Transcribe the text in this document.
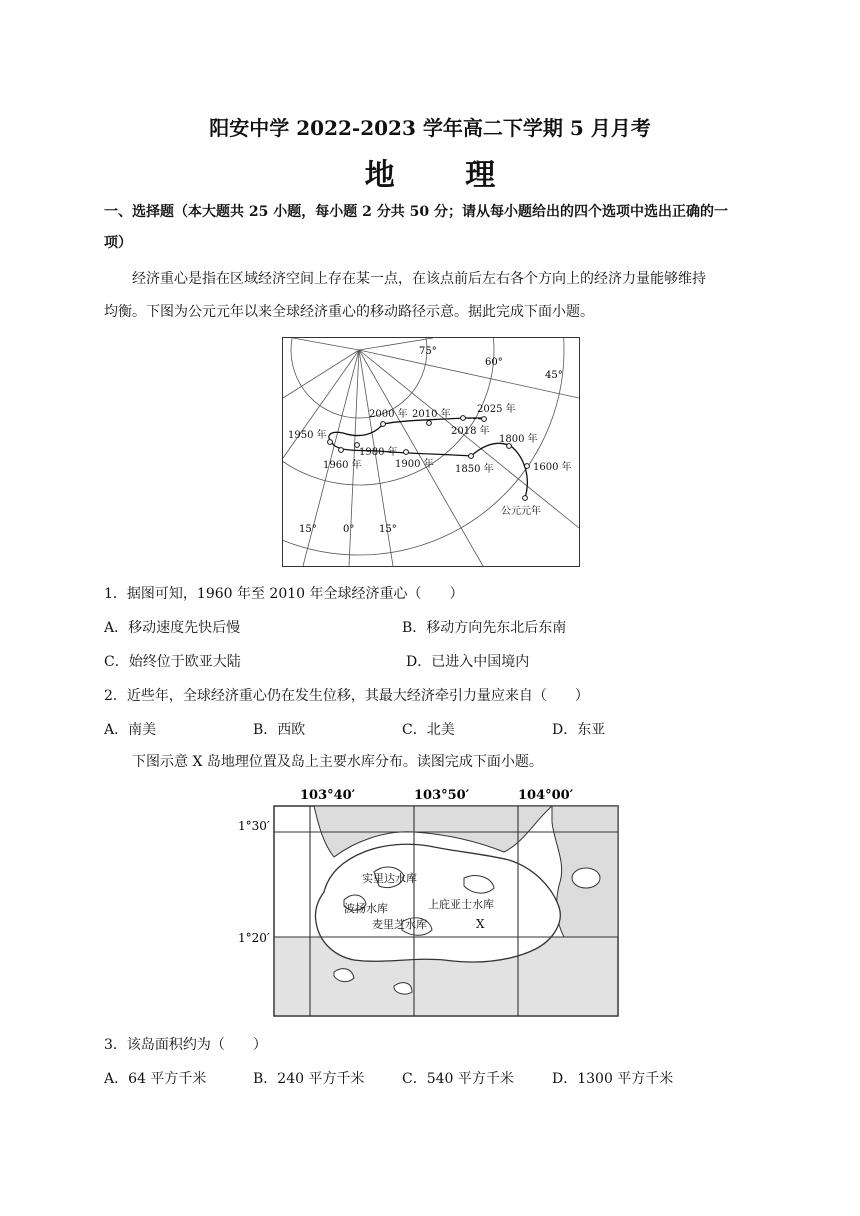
阳安中学 2022-2023 学年高二下学期 5 月月考
地 理
一、选择题（本大题共 25 小题，每小题 2 分共 50 分；请从每小题给出的四个选项中选出正确的一
项）
经济重心是指在区域经济空间上存在某一点，在该点前后左右各个方向上的经济力量能够维持
均衡。下图为公元元年以来全球经济重心的移动路径示意。据此完成下面小题。
75°
60°
45°
15°	0° 15°
2000 年 2010 年	2025 年
2018 年
1950 年
1980 年
1960 年	1900 年 1850 年
1800 年
1600 年
公元元年
1．据图可知，1960 年至 2010 年全球经济重心（　　）
A．移动速度先快后慢	B．移动方向先东北后东南
C．始终位于欧亚大陆	D．已进入中国境内
2．近些年，全球经济重心仍在发生位移，其最大经济牵引力量应来自（　　）
A．南美	B．西欧	C．北美	D．东亚
下图示意 X 岛地理位置及岛上主要水库分布。读图完成下面小题。
103°40′	103°50′	104°00′
1°30′
1°20′
实里达水库
波扬水库	上庇亚士水库
麦里芝水库	X
3．该岛面积约为（　　）
A．64 平方千米	B．240 平方千米	C．540 平方千米	D．1300 平方千米
